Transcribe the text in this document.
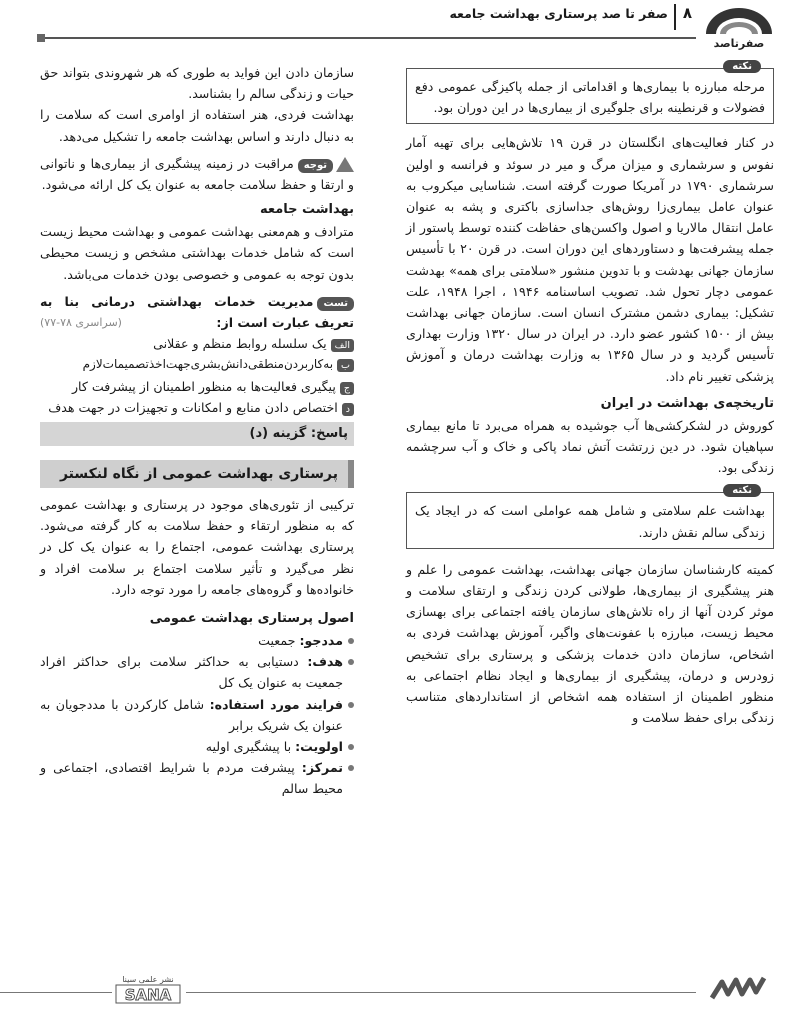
صفر تا صد پرستاری بهداشت جامعه ۸
صفرتاصد
نکته

مرحله مبارزه با بیماری‌ها و اقداماتی از جمله پاکیزگی عمومی دفع فضولات و قرنطینه برای جلوگیری از بیماری‌ها در این دوران بود.

در کنار فعالیت‌های انگلستان در قرن ۱۹ تلاش‌هایی برای تهیه آمار نفوس و سرشماری و میزان مرگ و میر در سوئد و فرانسه و اولین سرشماری ۱۷۹۰ در آمریکا صورت گرفته است. شناسایی میکروب به عنوان عامل بیماری‌زا روش‌های جداسازی باکتری و پشه به عنوان عامل انتقال مالاریا و اصول واکسن‌های حفاظت کننده توسط پاستور از جمله پیشرفت‌ها و دستاوردهای این دوران است. در قرن ۲۰ با تأسیس سازمان جهانی بهدشت و با تدوین منشور «سلامتی برای همه» بهدشت عمومی دچار تحول شد. تصویب اساسنامه ۱۹۴۶ ، اجرا ۱۹۴۸، علت تشکیل: بیماری دشمن مشترک انسان است. سازمان جهانی بهداشت بیش از ۱۵۰۰ کشور عضو دارد. در ایران در سال ۱۳۲۰ وزارت بهداری تأسیس گردید و در سال ۱۳۶۵ به وزارت بهداشت درمان و آموزش پزشکی تغییر نام داد.

تاریخچه‌ی بهداشت در ایران

کوروش در لشکرکشی‌ها آب جوشیده به همراه می‌برد تا مانع بیماری سپاهیان شود. در دین زرتشت آتش نماد پاکی و خاک و آب سرچشمه زندگی بود.

نکته

بهداشت علم سلامتی و شامل همه عواملی است که در ایجاد یک زندگی سالم نقش دارند.

کمیته کارشناسان سازمان جهانی بهداشت، بهداشت عمومی را علم و هنر پیشگیری از بیماری‌ها، طولانی کردن زندگی و ارتقای سلامت و موثر کردن آنها از راه تلاش‌های سازمان یافته اجتماعی برای بهسازی محیط زیست، مبارزه با عفونت‌های واگیر، آموزش بهداشت فردی به اشخاص، سازمان دادن خدمات پزشکی و پرستاری برای تشخیص زودرس و درمان، پیشگیری از بیماری‌ها و ایجاد نظام اجتماعی به منظور اطمینان از استفاده همه اشخاص از استانداردهای متناسب زندگی برای حفظ سلامت و

سازمان دادن این فواید به طوری که هر شهروندی بتواند حق حیات و زندگی سالم را بشناسد.

بهداشت فردی، هنر استفاده از اوامری است که سلامت را به دنبال دارند و اساس بهداشت جامعه را تشکیل می‌دهد.

توجهمراقبت در زمینه پیشگیری از بیماری‌ها و ناتوانی و ارتقا و حفظ سلامت جامعه به عنوان یک کل ارائه می‌شود.

بهداشت جامعه

مترادف و هم‌معنی بهداشت عمومی و بهداشت محیط زیست است که شامل خدمات بهداشتی مشخص و زیست محیطی بدون توجه به عمومی و خصوصی بودن خدمات می‌باشد.

تستمدیریت خدمات بهداشتی درمانی بنا به تعریف عبارت است از:
(سراسری ۷۸-۷۷)

الفیک سلسله روابط منظم و عقلانی

ببه‌کاربردن‌منطقی‌دانش‌بشری‌جهت‌اخذتصمیمات‌لازم

جپیگیری فعالیت‌ها به منظور اطمینان از پیشرفت کار

داختصاص دادن منابع و امکانات و تجهیزات در جهت هدف

پاسخ: گزینه (د)
پرستاری بهداشت عمومی از نگاه لنکستر

ترکیبی از تئوری‌های موجود در پرستاری و بهداشت عمومی که به منظور ارتقاء و حفظ سلامت به کار گرفته می‌شود. پرستاری بهداشت عمومی، اجتماع را به عنوان یک کل در نظر می‌گیرد و تأثیر سلامت اجتماع بر سلامت افراد و خانواده‌ها و گروه‌های جامعه را مورد توجه دارد.

اصول پرستاری بهداشت عمومی

مددجو: جمعیت
هدف: دستیابی به حداکثر سلامت برای حداکثر افراد جمعیت به عنوان یک کل
فرایند مورد استفاده: شامل کارکردن با مددجویان به عنوان یک شریک برابر
اولویت: با پیشگیری اولیه
تمرکز: پیشرفت مردم با شرایط اقتصادی، اجتماعی و محیط سالم
نشر علمی سینا
SANA
